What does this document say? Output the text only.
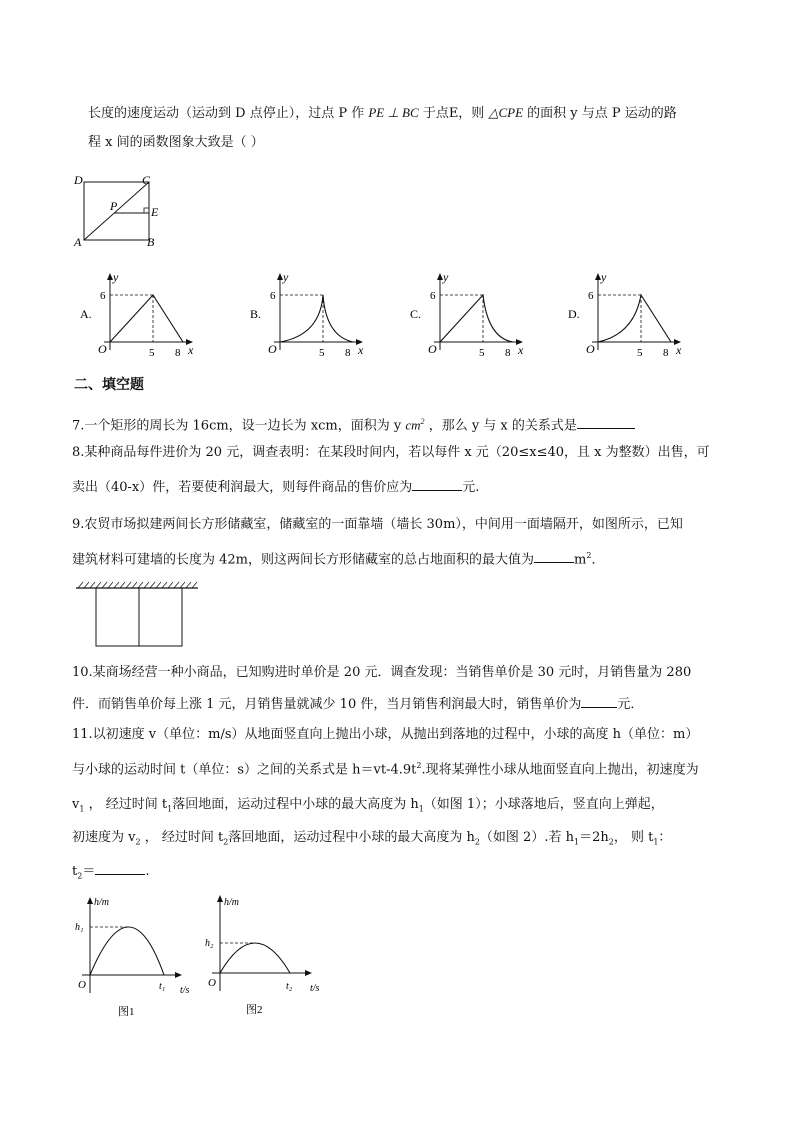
长度的速度运动（运动到 D 点停止），过点 P 作 PE ⊥ BC 于点E，则 △CPE 的面积 y 与点 P 运动的路
程 x 间的函数图象大致是（ ）
D	C
P	E
A	B
A.
y
6
O	5 8 x
B.
y
6
O	5 8 x
C.
y
6
O	5 8 x
D.
y
6
O	5 8 x
二、填空题
7.一个矩形的周长为 16cm，设一边长为 xcm，面积为 y $cm^2$ ，那么 y 与 x 的关系式是
8.某种商品每件进价为 20 元，调查表明：在某段时间内，若以每件 x 元（20≤x≤40，且 x 为整数）出售，可
卖出（40-x）件，若要使利润最大，则每件商品的售价应为	元.
9.农贸市场拟建两间长方形储藏室，储藏室的一面靠墙（墙长 30m），中间用一面墙隔开，如图所示，已知
建筑材料可建墙的长度为 42m，则这两间长方形储藏室的总占地面积的最大值为	$m^2$．
10.某商场经营一种小商品，已知购进时单价是 20 元．调查发现：当销售单价是 30 元时，月销售量为 280
件．而销售单价每上涨 1 元，月销售量就减少 10 件，当月销售利润最大时，销售单价为	元．
11.以初速度 v（单位：m/s）从地面竖直向上抛出小球，从抛出到落地的过程中，小球的高度 h（单位：m）
与小球的运动时间 t（单位：s）之间的关系式是 $h=vt-4.9t^2$.现将某弹性小球从地面竖直向上抛出，初速度为
$v_1$ ， 经过时间 $t_1$落回地面，运动过程中小球的最大高度为 $h_1$（如图 1）；小球落地后，竖直向上弹起，
初速度为 $v_2$ ， 经过时间 $t_2$落回地面，运动过程中小球的最大高度为 $h_2$（如图 2）.若 $h_1=2h_2$， 则 $t_1$：
$t_2=$	.
h/m
h₁
O	t₁ t/s
图1
h/m
h₂
O	t₂ t/s
图2
